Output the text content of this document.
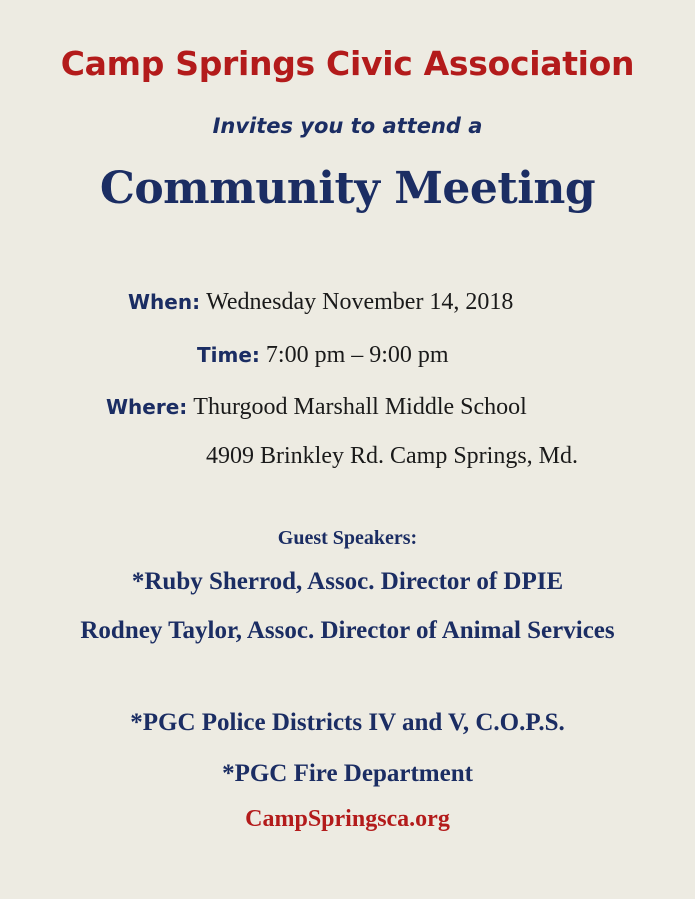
Camp Springs Civic Association
Invites you to attend a
Community Meeting
When: Wednesday November 14, 2018
Time: 7:00 pm – 9:00 pm
Where: Thurgood Marshall Middle School
4909 Brinkley Rd. Camp Springs, Md.
Guest Speakers:
*Ruby Sherrod, Assoc. Director of DPIE
Rodney Taylor, Assoc. Director of Animal Services
*PGC Police Districts IV and V, C.O.P.S.
*PGC Fire Department
CampSpringsca.org
